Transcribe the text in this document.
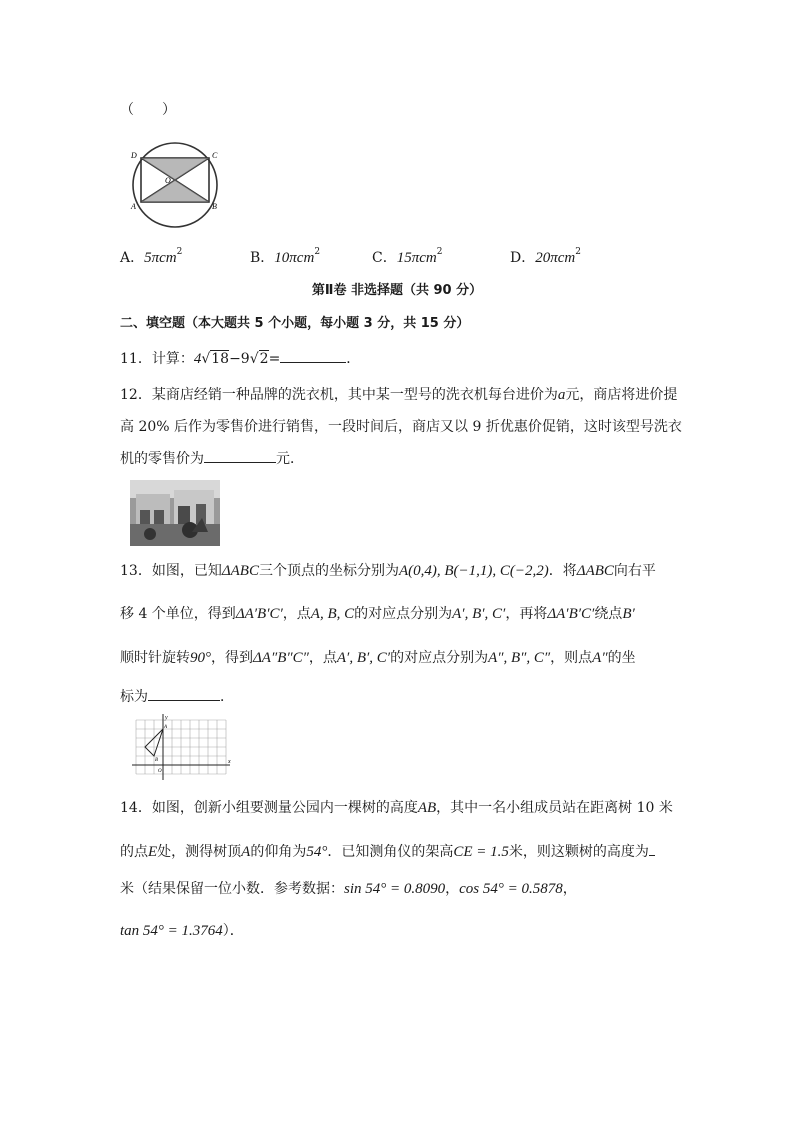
（　　）
D	C
O
A	B
A．5πcm$^2$	B．10πcm$^2$	C．15πcm$^2$	D．20πcm$^2$
第Ⅱ卷 非选择题（共 90 分）
二、填空题（本大题共 5 个小题，每小题 3 分，共 15 分）
11．计算：4√18−9√2=	．
12．某商店经销一种品牌的洗衣机，其中某一型号的洗衣机每台进价为a元，商店将进价提
高 20% 后作为零售价进行销售，一段时间后，商店又以 9 折优惠价促销，这时该型号洗衣
机的零售价为	元．
13．如图，已知ΔABC三个顶点的坐标分别为A(0,4), B(−1,1), C(−2,2)．将ΔABC向右平
移 4 个单位，得到ΔA′B′C′，点A, B, C的对应点分别为A′, B′, C′，再将ΔA′B′C′绕点B′
顺时针旋转90°，得到ΔA″B″C″，点A′, B′, C′的对应点分别为A″, B″, C″，则点A″的坐
标为	．
y
x
A
B
O
14．如图，创新小组要测量公园内一棵树的高度AB，其中一名小组成员站在距离树 10 米
的点E处，测得树顶A的仰角为54°．已知测角仪的架高CE = 1.5米，则这颗树的高度为
米（结果保留一位小数．参考数据：sin 54° = 0.8090，cos 54° = 0.5878，
tan 54° = 1.3764）．
